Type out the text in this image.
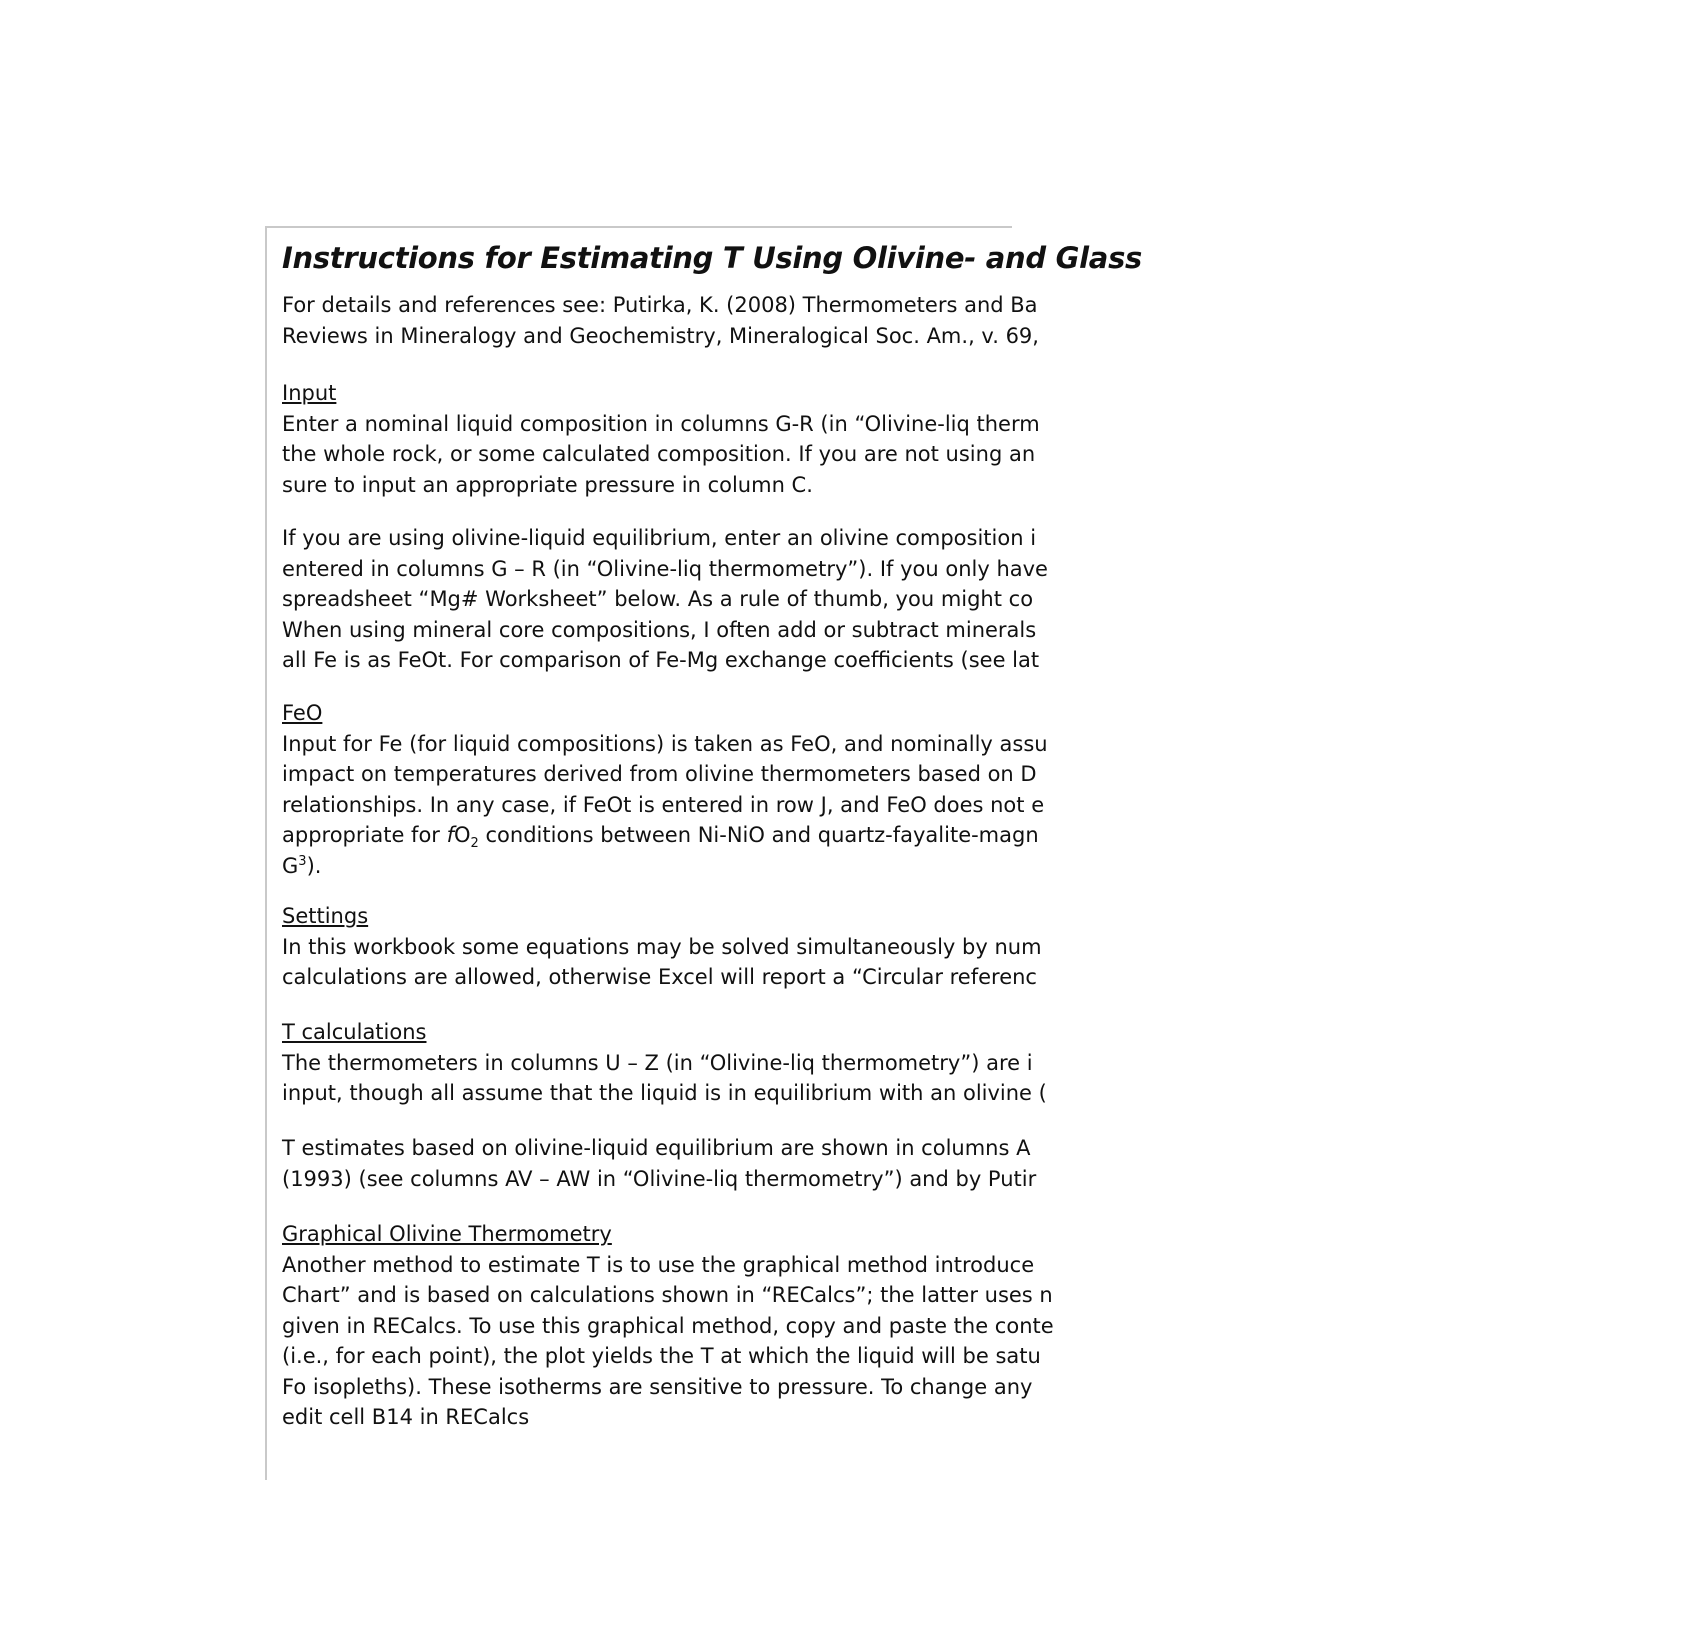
Instructions for Estimating T Using Olivine- and Glass
For details and references see: Putirka, K. (2008) Thermometers and Ba
Reviews in Mineralogy and Geochemistry, Mineralogical Soc. Am., v. 69,
Input
Enter a nominal liquid composition in columns G-R (in “Olivine-liq therm
the whole rock, or some calculated composition. If you are not using an
sure to input an appropriate pressure in column C.
If you are using olivine-liquid equilibrium, enter an olivine composition i
entered in columns G – R (in “Olivine-liq thermometry”). If you only have
spreadsheet “Mg# Worksheet” below. As a rule of thumb, you might co
When using mineral core compositions, I often add or subtract minerals
all Fe is as FeOt. For comparison of Fe-Mg exchange coefficients (see lat
FeO
Input for Fe (for liquid compositions) is taken as FeO, and nominally assu
impact on temperatures derived from olivine thermometers based on D
relationships. In any case, if FeOt is entered in row J, and FeO does not e
appropriate for $fO_2$ conditions between Ni-NiO and quartz-fayalite-magn
$G^3$).
Settings
In this workbook some equations may be solved simultaneously by num
calculations are allowed, otherwise Excel will report a “Circular referenc
T calculations
The thermometers in columns U – Z (in “Olivine-liq thermometry”) are i
input, though all assume that the liquid is in equilibrium with an olivine (
T estimates based on olivine-liquid equilibrium are shown in columns A
(1993) (see columns AV – AW in “Olivine-liq thermometry”) and by Putir
Graphical Olivine Thermometry
Another method to estimate T is to use the graphical method introduce
Chart” and is based on calculations shown in “RECalcs”; the latter uses n
given in RECalcs. To use this graphical method, copy and paste the conte
(i.e., for each point), the plot yields the T at which the liquid will be satu
Fo isopleths). These isotherms are sensitive to pressure. To change any
edit cell B14 in RECalcs
